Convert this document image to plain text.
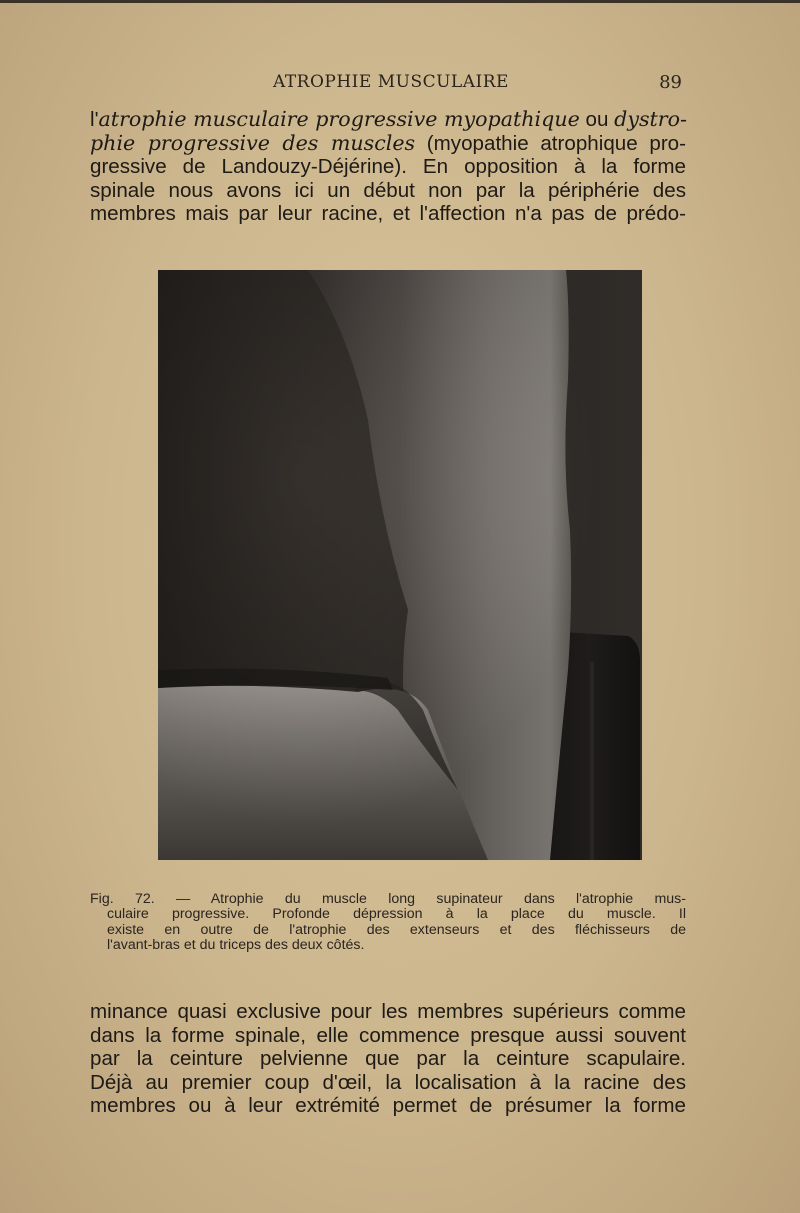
ATROPHIE MUSCULAIRE	89

l'atrophie musculaire progressive myopathique ou dystro-
phie progressive des muscles (myopathie atrophique pro-
gressive de Landouzy-Déjérine). En opposition à la forme
spinale nous avons ici un début non par la périphérie des
membres mais par leur racine, et l'affection n'a pas de prédo-

Fig. 72. — Atrophie du muscle long supinateur dans l'atrophie mus-
culaire progressive. Profonde dépression à la place du muscle. Il
existe en outre de l'atrophie des extenseurs et des fléchisseurs de
l'avant-bras et du triceps des deux côtés.

minance quasi exclusive pour les membres supérieurs comme
dans la forme spinale, elle commence presque aussi souvent
par la ceinture pelvienne que par la ceinture scapulaire.
Déjà au premier coup d'œil, la localisation à la racine des
membres ou à leur extrémité permet de présumer la forme
